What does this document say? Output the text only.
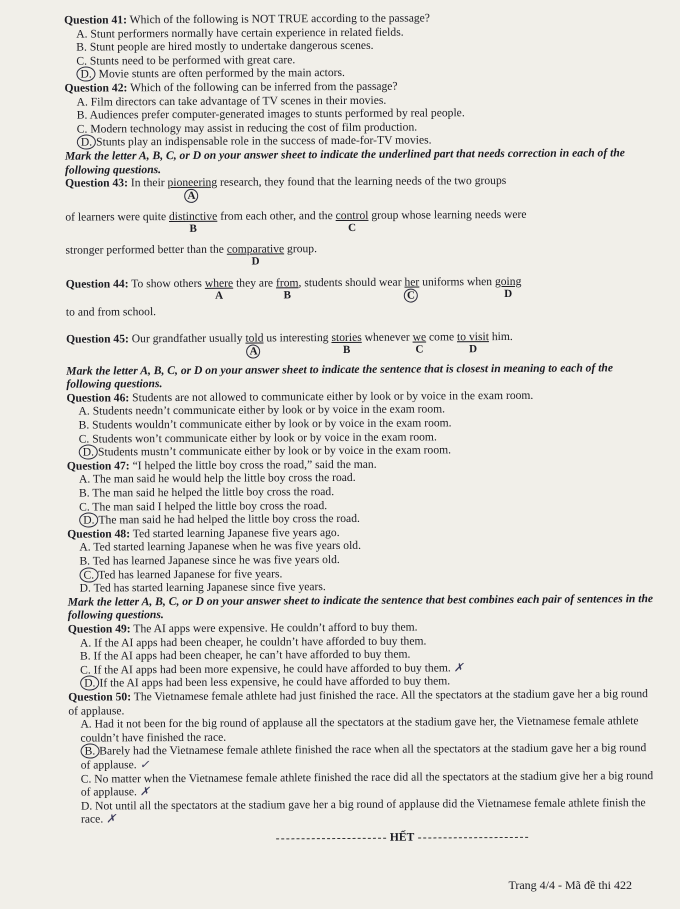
Question 41: Which of the following is NOT TRUE according to the passage?
A. Stunt performers normally have certain experience in related fields.
B. Stunt people are hired mostly to undertake dangerous scenes.
C. Stunts need to be performed with great care.
D. Movie stunts are often performed by the main actors.
Question 42: Which of the following can be inferred from the passage?
A. Film directors can take advantage of TV scenes in their movies.
B. Audiences prefer computer-generated images to stunts performed by real people.
C. Modern technology may assist in reducing the cost of film production.
D. Stunts play an indispensable role in the success of made-for-TV movies.
Mark the letter A, B, C, or D on your answer sheet to indicate the underlined part that needs correction in each of the following questions.
Question 43: In their pioneering
A
research, they found that the learning needs of the two groups
of learners were quite distinctive
B
from each other, and the control
C
group whose learning needs were
stronger performed better than the comparative
D
group.
Question 44: To show others where
A
they are from
B
, students should wear her
C
uniforms when going
D
to and from school.
Question 45: Our grandfather usually told
A
us interesting stories
B
whenever $\frac{we}{C}$ come to visit
D
him.
Mark the letter A, B, C, or D on your answer sheet to indicate the sentence that is closest in meaning to each of the following questions.
Question 46: Students are not allowed to communicate either by look or by voice in the exam room.
A. Students needn’t communicate either by look or by voice in the exam room.
B. Students wouldn’t communicate either by look or by voice in the exam room.
C. Students won’t communicate either by look or by voice in the exam room.
D. Students mustn’t communicate either by look or by voice in the exam room.
Question 47: “I helped the little boy cross the road,” said the man.
A. The man said he would help the little boy cross the road.
B. The man said he helped the little boy cross the road.
C. The man said I helped the little boy cross the road.
D. The man said he had helped the little boy cross the road.
Question 48: Ted started learning Japanese five years ago.
A. Ted started learning Japanese when he was five years old.
B. Ted has learned Japanese since he was five years old.
C. Ted has learned Japanese for five years.
D. Ted has started learning Japanese since five years.
Mark the letter A, B, C, or D on your answer sheet to indicate the sentence that best combines each pair of sentences in the following questions.
Question 49: The AI apps were expensive. He couldn’t afford to buy them.
A. If the AI apps had been cheaper, he couldn’t have afforded to buy them.
B. If the AI apps had been cheaper, he can’t have afforded to buy them.
C. If the AI apps had been more expensive, he could have afforded to buy them. ✗
D. If the AI apps had been less expensive, he could have afforded to buy them.
Question 50: The Vietnamese female athlete had just finished the race. All the spectators at the stadium gave her a big round of applause.
A. Had it not been for the big round of applause all the spectators at the stadium gave her, the Vietnamese female athlete couldn’t have finished the race.
B. Barely had the Vietnamese female athlete finished the race when all the spectators at the stadium gave her a big round of applause. ✓
C. No matter when the Vietnamese female athlete finished the race did all the spectators at the stadium give her a big round of applause. ✗
D. Not until all the spectators at the stadium gave her a big round of applause did the Vietnamese female athlete finish the race. ✗
HẾT
Trang 4/4 - Mã đề thi 422
